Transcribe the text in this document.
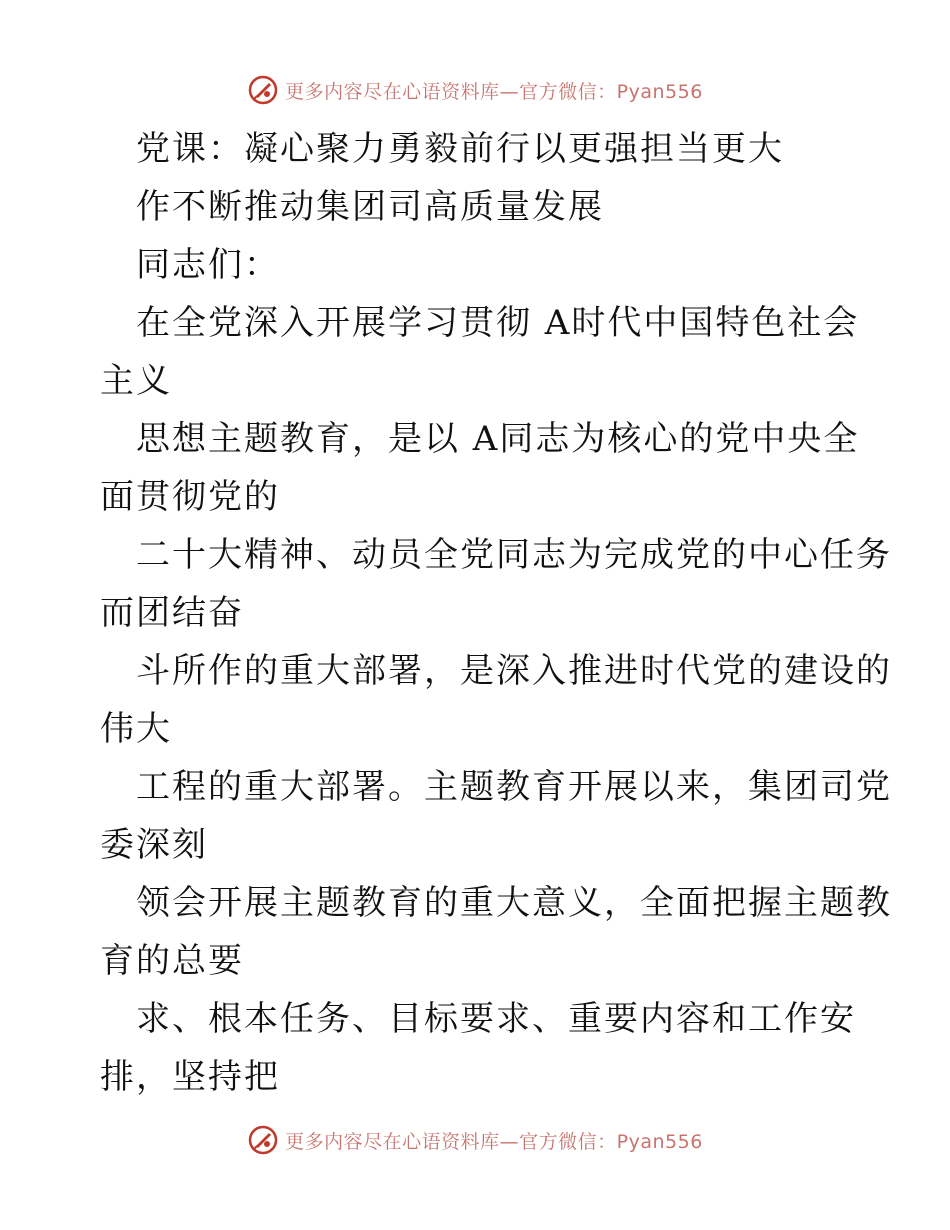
更多内容尽在心语资料库—官方微信：Pyan556
党课：凝心聚力勇毅前行以更强担当更大
作不断推动集团司高质量发展
同志们：
在全党深入开展学习贯彻 A时代中国特色社会
主义
思想主题教育，是以 A同志为核心的党中央全
面贯彻党的
二十大精神、动员全党同志为完成党的中心任务
而团结奋
斗所作的重大部署，是深入推进时代党的建设的
伟大
工程的重大部署。主题教育开展以来，集团司党
委深刻
领会开展主题教育的重大意义，全面把握主题教
育的总要
求、根本任务、目标要求、重要内容和工作安
排，坚持把
更多内容尽在心语资料库—官方微信：Pyan556
